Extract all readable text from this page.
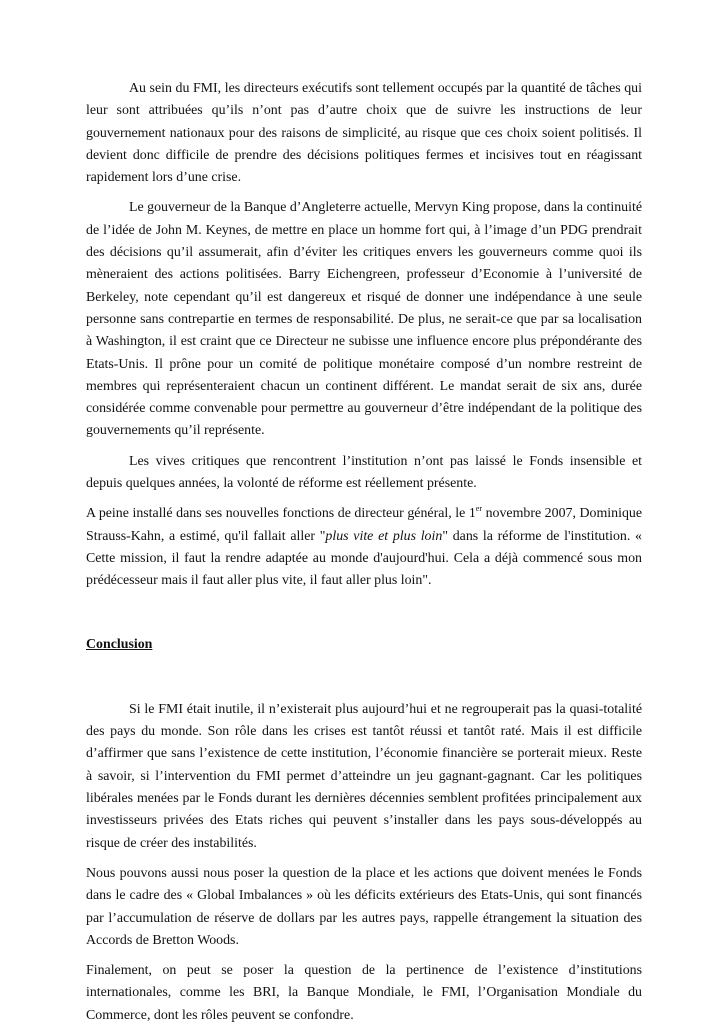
Au sein du FMI, les directeurs exécutifs sont tellement occupés par la quantité de tâches qui leur sont attribuées qu’ils n’ont pas d’autre choix que de suivre les instructions de leur gouvernement nationaux pour des raisons de simplicité, au risque que ces choix soient politisés. Il devient donc difficile de prendre des décisions politiques fermes et incisives tout en réagissant rapidement lors d’une crise.

Le gouverneur de la Banque d’Angleterre actuelle, Mervyn King propose, dans la continuité de l’idée de John M. Keynes, de mettre en place un homme fort qui, à l’image d’un PDG prendrait des décisions qu’il assumerait, afin d’éviter les critiques envers les gouverneurs comme quoi ils mèneraient des actions politisées. Barry Eichengreen, professeur d’Economie à l’université de Berkeley, note cependant qu’il est dangereux et risqué de donner une indépendance à une seule personne sans contrepartie en termes de responsabilité. De plus, ne serait-ce que par sa localisation à Washington, il est craint que ce Directeur ne subisse une influence encore plus prépondérante des Etats-Unis. Il prône pour un comité de politique monétaire composé d’un nombre restreint de membres qui représenteraient chacun un continent différent. Le mandat serait de six ans, durée considérée comme convenable pour permettre au gouverneur d’être indépendant de la politique des gouvernements qu’il représente.

Les vives critiques que rencontrent l’institution n’ont pas laissé le Fonds insensible et depuis quelques années, la volonté de réforme est réellement présente.

A peine installé dans ses nouvelles fonctions de directeur général, le 1er novembre 2007, Dominique Strauss-Kahn, a estimé, qu'il fallait aller "plus vite et plus loin" dans la réforme de l'institution. « Cette mission, il faut la rendre adaptée au monde d'aujourd'hui. Cela a déjà commencé sous mon prédécesseur mais il faut aller plus vite, il faut aller plus loin".

Conclusion

Si le FMI était inutile, il n’existerait plus aujourd’hui et ne regrouperait pas la quasi-totalité des pays du monde. Son rôle dans les crises est tantôt réussi et tantôt raté. Mais il est difficile d’affirmer que sans l’existence de cette institution, l’économie financière se porterait mieux. Reste à savoir, si l’intervention du FMI permet d’atteindre un jeu gagnant-gagnant. Car les politiques libérales menées par le Fonds durant les dernières décennies semblent profitées principalement aux investisseurs privées des Etats riches qui peuvent s’installer dans les pays sous-développés au risque de créer des instabilités.

Nous pouvons aussi nous poser la question de la place et les actions que doivent menées le Fonds dans le cadre des « Global Imbalances » où les déficits extérieurs des Etats-Unis, qui sont financés par l’accumulation de réserve de dollars par les autres pays, rappelle étrangement la situation des Accords de Bretton Woods.

Finalement, on peut se poser la question de la pertinence de l’existence d’institutions internationales, comme les BRI, la Banque Mondiale, le FMI, l’Organisation Mondiale du Commerce, dont les rôles peuvent se confondre.
